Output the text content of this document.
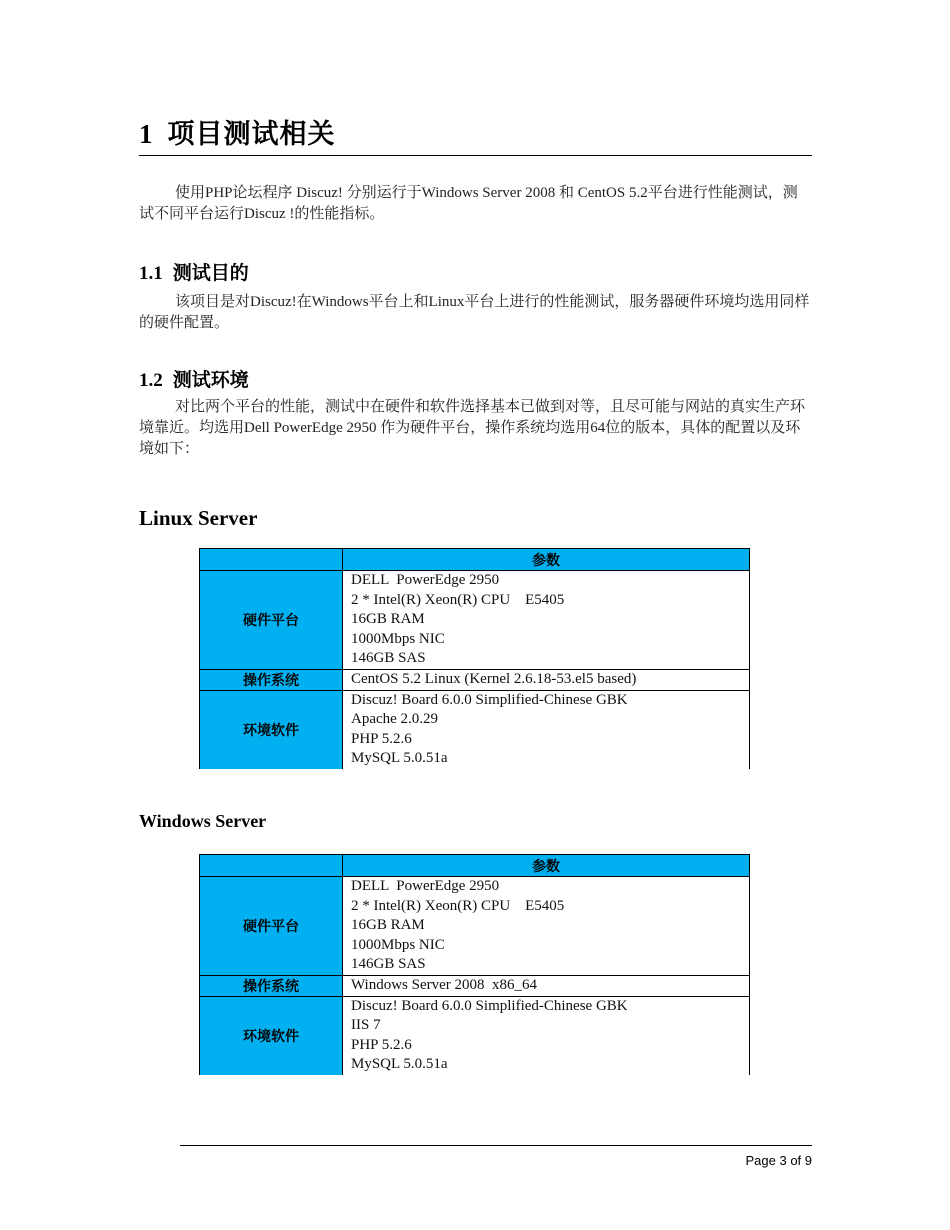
1 项目测试相关
使用PHP论坛程序 Discuz! 分别运行于Windows Server 2008 和 CentOS 5.2平台进行性能测试，测试不同平台运行Discuz !的性能指标。
1.1 测试目的
该项目是对Discuz!在Windows平台上和Linux平台上进行的性能测试，服务器硬件环境均选用同样的硬件配置。
1.2 测试环境
对比两个平台的性能，测试中在硬件和软件选择基本已做到对等，且尽可能与网站的真实生产环境靠近。均选用Dell PowerEdge 2950 作为硬件平台，操作系统均选用64位的版本，具体的配置以及环境如下：
Linux Server
	参数
硬件平台	DELL  PowerEdge 2950
2 * Intel(R) Xeon(R) CPU    E5405
16GB RAM
1000Mbps NIC
146GB SAS

操作系统	CentOS 5.2 Linux (Kernel 2.6.18-53.el5 based)

环境软件	Discuz! Board 6.0.0 Simplified-Chinese GBK
Apache 2.0.29
PHP 5.2.6
MySQL 5.0.51a
Windows Server
	参数
硬件平台	DELL  PowerEdge 2950
2 * Intel(R) Xeon(R) CPU    E5405
16GB RAM
1000Mbps NIC
146GB SAS

操作系统	Windows Server 2008  x86_64

环境软件	Discuz! Board 6.0.0 Simplified-Chinese GBK
IIS 7
PHP 5.2.6
MySQL 5.0.51a
Page 3 of 9
